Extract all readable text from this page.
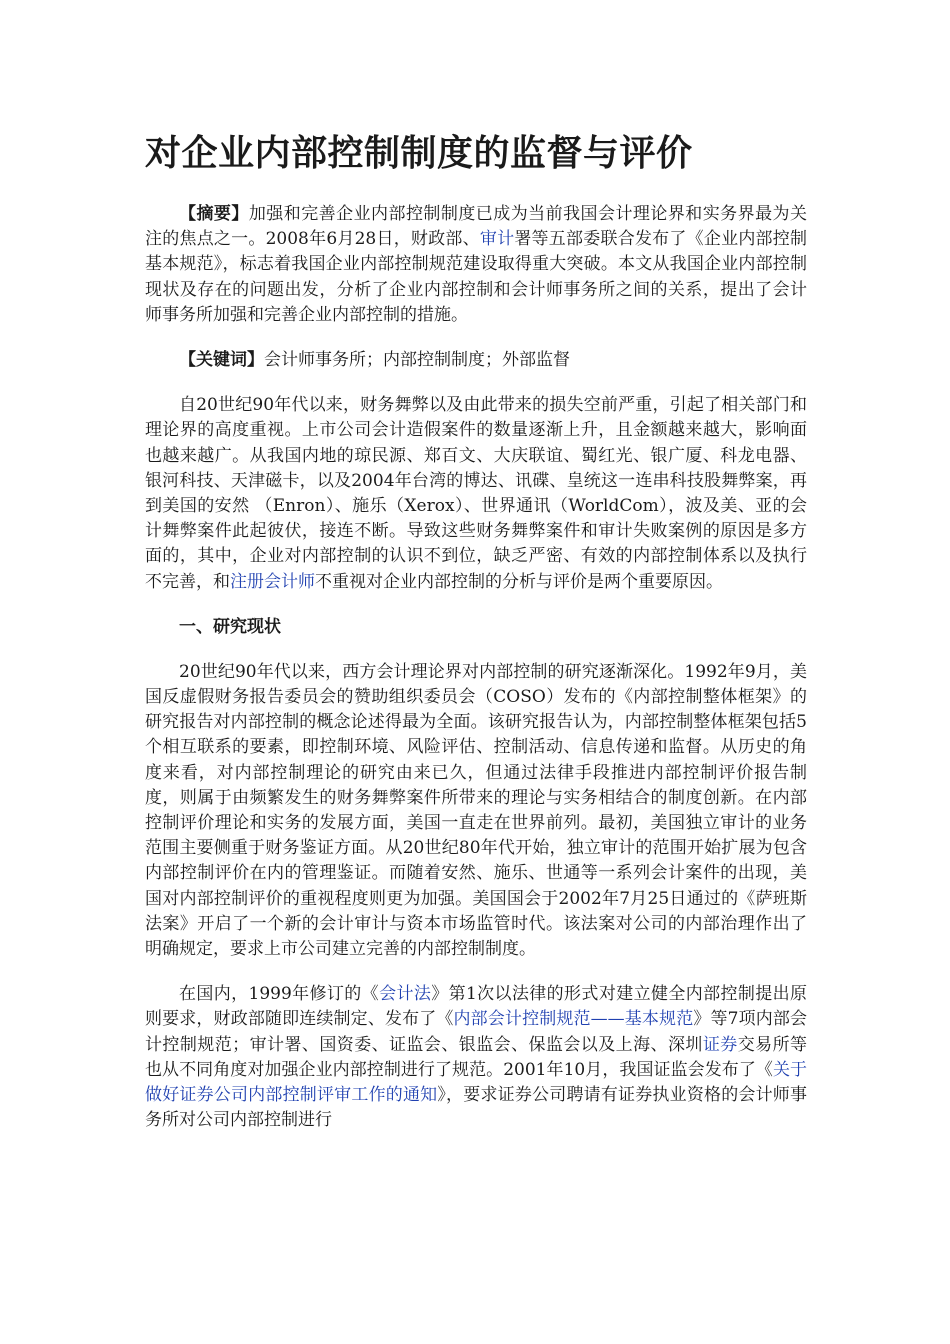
对企业内部控制制度的监督与评价

【摘要】加强和完善企业内部控制制度已成为当前我国会计理论界和实务界最为关注的焦点之一。2008年6月28日，财政部、审计署等五部委联合发布了《企业内部控制基本规范》，标志着我国企业内部控制规范建设取得重大突破。本文从我国企业内部控制现状及存在的问题出发，分析了企业内部控制和会计师事务所之间的关系，提出了会计师事务所加强和完善企业内部控制的措施。

【关键词】会计师事务所；内部控制制度；外部监督

自20世纪90年代以来，财务舞弊以及由此带来的损失空前严重，引起了相关部门和理论界的高度重视。上市公司会计造假案件的数量逐渐上升，且金额越来越大，影响面也越来越广。从我国内地的琼民源、郑百文、大庆联谊、蜀红光、银广厦、科龙电器、银河科技、天津磁卡，以及2004年台湾的博达、讯碟、皇统这一连串科技股舞弊案，再到美国的安然 （Enron）、施乐（Xerox）、世界通讯（WorldCom），波及美、亚的会计舞弊案件此起彼伏，接连不断。导致这些财务舞弊案件和审计失败案例的原因是多方面的，其中，企业对内部控制的认识不到位，缺乏严密、有效的内部控制体系以及执行不完善，和注册会计师不重视对企业内部控制的分析与评价是两个重要原因。

一、研究现状

20世纪90年代以来，西方会计理论界对内部控制的研究逐渐深化。1992年9月，美国反虚假财务报告委员会的赞助组织委员会（COSO）发布的《内部控制整体框架》的研究报告对内部控制的概念论述得最为全面。该研究报告认为，内部控制整体框架包括5个相互联系的要素，即控制环境、风险评估、控制活动、信息传递和监督。从历史的角度来看，对内部控制理论的研究由来已久，但通过法律手段推进内部控制评价报告制度，则属于由频繁发生的财务舞弊案件所带来的理论与实务相结合的制度创新。在内部控制评价理论和实务的发展方面，美国一直走在世界前列。最初，美国独立审计的业务范围主要侧重于财务鉴证方面。从20世纪80年代开始，独立审计的范围开始扩展为包含内部控制评价在内的管理鉴证。而随着安然、施乐、世通等一系列会计案件的出现，美国对内部控制评价的重视程度则更为加强。美国国会于2002年7月25日通过的《萨班斯法案》开启了一个新的会计审计与资本市场监管时代。该法案对公司的内部治理作出了明确规定，要求上市公司建立完善的内部控制制度。

在国内，1999年修订的《会计法》第1次以法律的形式对建立健全内部控制提出原则要求，财政部随即连续制定、发布了《内部会计控制规范——基本规范》等7项内部会计控制规范；审计署、国资委、证监会、银监会、保监会以及上海、深圳证券交易所等也从不同角度对加强企业内部控制进行了规范。2001年10月，我国证监会发布了《关于做好证券公司内部控制评审工作的通知》，要求证券公司聘请有证券执业资格的会计师事务所对公司内部控制进行
